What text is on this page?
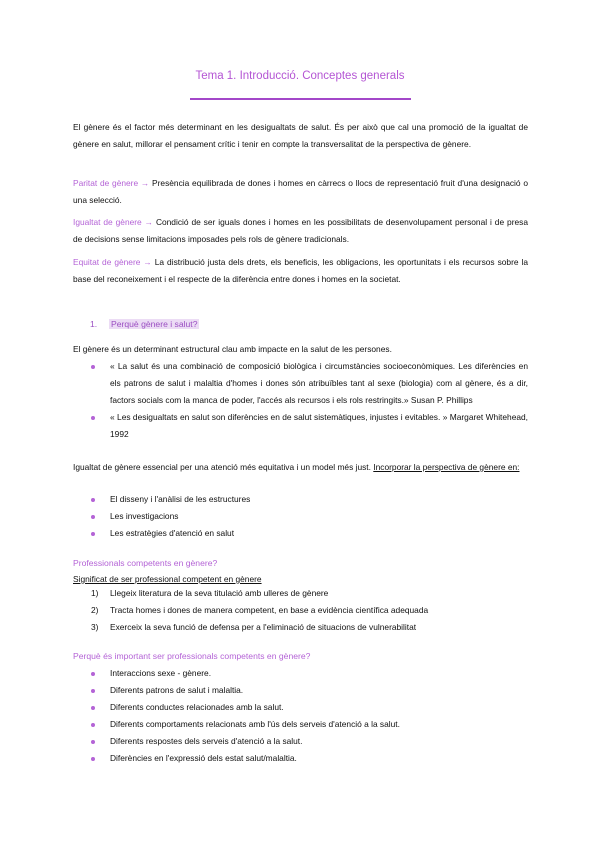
Tema 1. Introducció. Conceptes generals
El gènere és el factor més determinant en les desigualtats de salut. És per això que cal una promoció de la igualtat de gènere en salut, millorar el pensament crític i tenir en compte la transversalitat de la perspectiva de gènere.
Paritat de gènere → Presència equilibrada de dones i homes en càrrecs o llocs de representació fruit d'una designació o una selecció.
Igualtat de gènere → Condició de ser iguals dones i homes en les possibilitats de desenvolupament personal i de presa de decisions sense limitacions imposades pels rols de gènere tradicionals.
Equitat de gènere → La distribució justa dels drets, els beneficis, les obligacions, les oportunitats i els recursos sobre la base del reconeixement i el respecte de la diferència entre dones i homes en la societat.
1. Perquè gènere i salut?
El gènere és un determinant estructural clau amb impacte en la salut de les persones.
« La salut és una combinació de composició biològica i circumstàncies socioeconòmiques. Les diferències en els patrons de salut i malaltia d'homes i dones són atribuïbles tant al sexe (biologia) com al gènere, és a dir, factors socials com la manca de poder, l'accés als recursos i els rols restringits.» Susan P. Phillips
« Les desigualtats en salut son diferències en de salut sistemàtiques, injustes i evitables. » Margaret Whitehead, 1992
Igualtat de gènere essencial per una atenció més equitativa i un model més just. Incorporar la perspectiva de gènere en:
El disseny i l'anàlisi de les estructures
Les investigacions
Les estratègies d'atenció en salut
Professionals competents en gènere?
Significat de ser professional competent en gènere
1) Llegeix literatura de la seva titulació amb ulleres de gènere
2) Tracta homes i dones de manera competent, en base a evidència científica adequada
3) Exerceix la seva funció de defensa per a l'eliminació de situacions de vulnerabilitat
Perquè és important ser professionals competents en gènere?
Interaccions sexe - gènere.
Diferents patrons de salut i malaltia.
Diferents conductes relacionades amb la salut.
Diferents comportaments relacionats amb l'ús dels serveis d'atenció a la salut.
Diferents respostes dels serveis d'atenció a la salut.
Diferències en l'expressió dels estat salut/malaltia.
